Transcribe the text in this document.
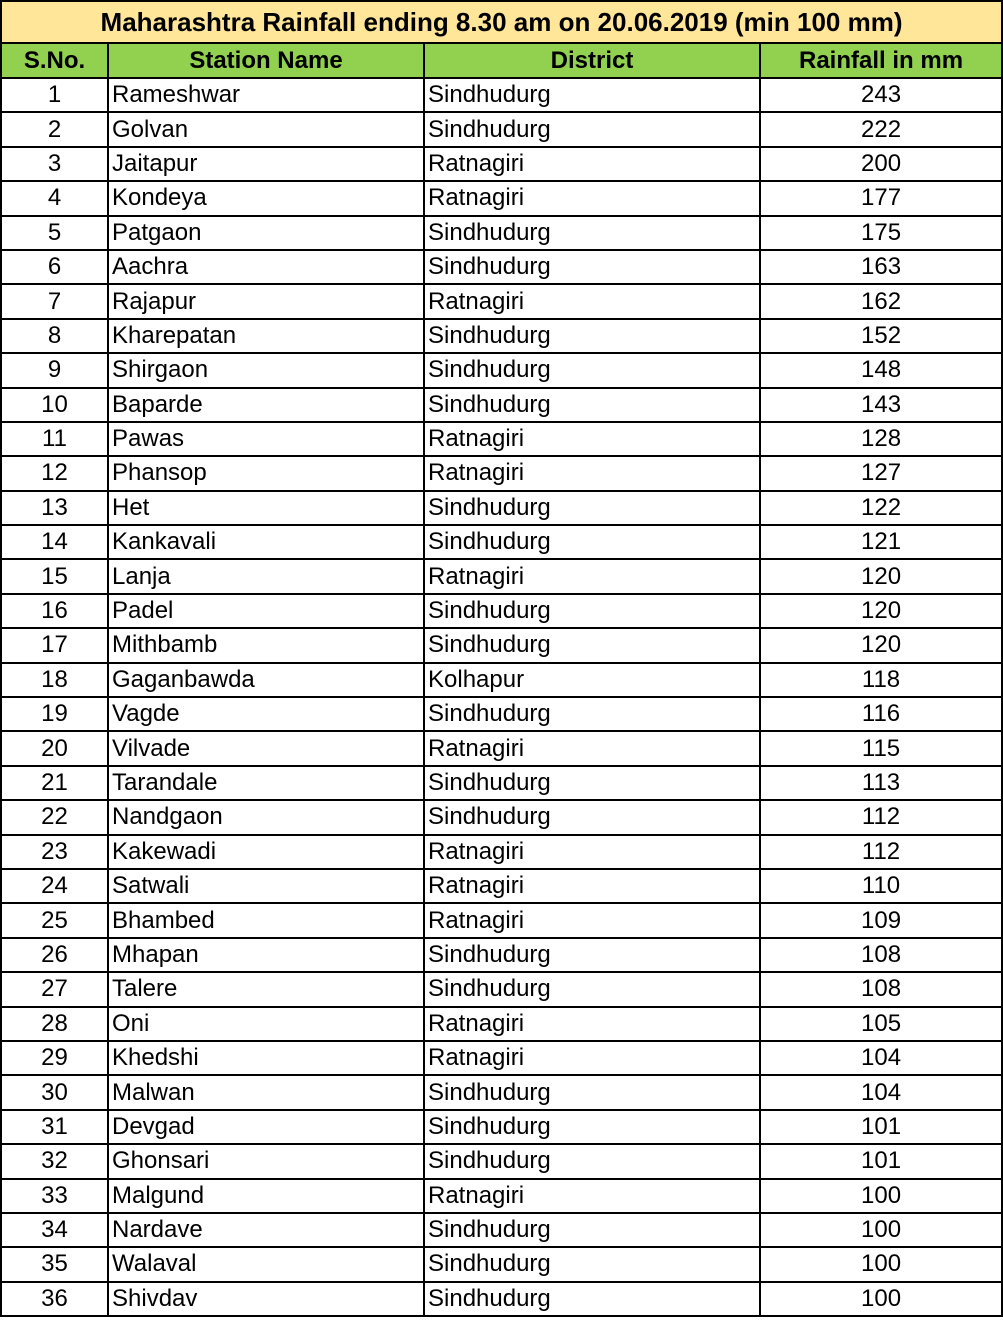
Maharashtra Rainfall ending 8.30 am on 20.06.2019 (min 100 mm)			
S.No.	Station Name	District	Rainfall in mm
1	Rameshwar	Sindhudurg	243
2	Golvan	Sindhudurg	222
3	Jaitapur	Ratnagiri	200
4	Kondeya	Ratnagiri	177
5	Patgaon	Sindhudurg	175
6	Aachra	Sindhudurg	163
7	Rajapur	Ratnagiri	162
8	Kharepatan	Sindhudurg	152
9	Shirgaon	Sindhudurg	148
10	Baparde	Sindhudurg	143
11	Pawas	Ratnagiri	128
12	Phansop	Ratnagiri	127
13	Het	Sindhudurg	122
14	Kankavali	Sindhudurg	121
15	Lanja	Ratnagiri	120
16	Padel	Sindhudurg	120
17	Mithbamb	Sindhudurg	120
18	Gaganbawda	Kolhapur	118
19	Vagde	Sindhudurg	116
20	Vilvade	Ratnagiri	115
21	Tarandale	Sindhudurg	113
22	Nandgaon	Sindhudurg	112
23	Kakewadi	Ratnagiri	112
24	Satwali	Ratnagiri	110
25	Bhambed	Ratnagiri	109
26	Mhapan	Sindhudurg	108
27	Talere	Sindhudurg	108
28	Oni	Ratnagiri	105
29	Khedshi	Ratnagiri	104
30	Malwan	Sindhudurg	104
31	Devgad	Sindhudurg	101
32	Ghonsari	Sindhudurg	101
33	Malgund	Ratnagiri	100
34	Nardave	Sindhudurg	100
35	Walaval	Sindhudurg	100
36	Shivdav	Sindhudurg	100
